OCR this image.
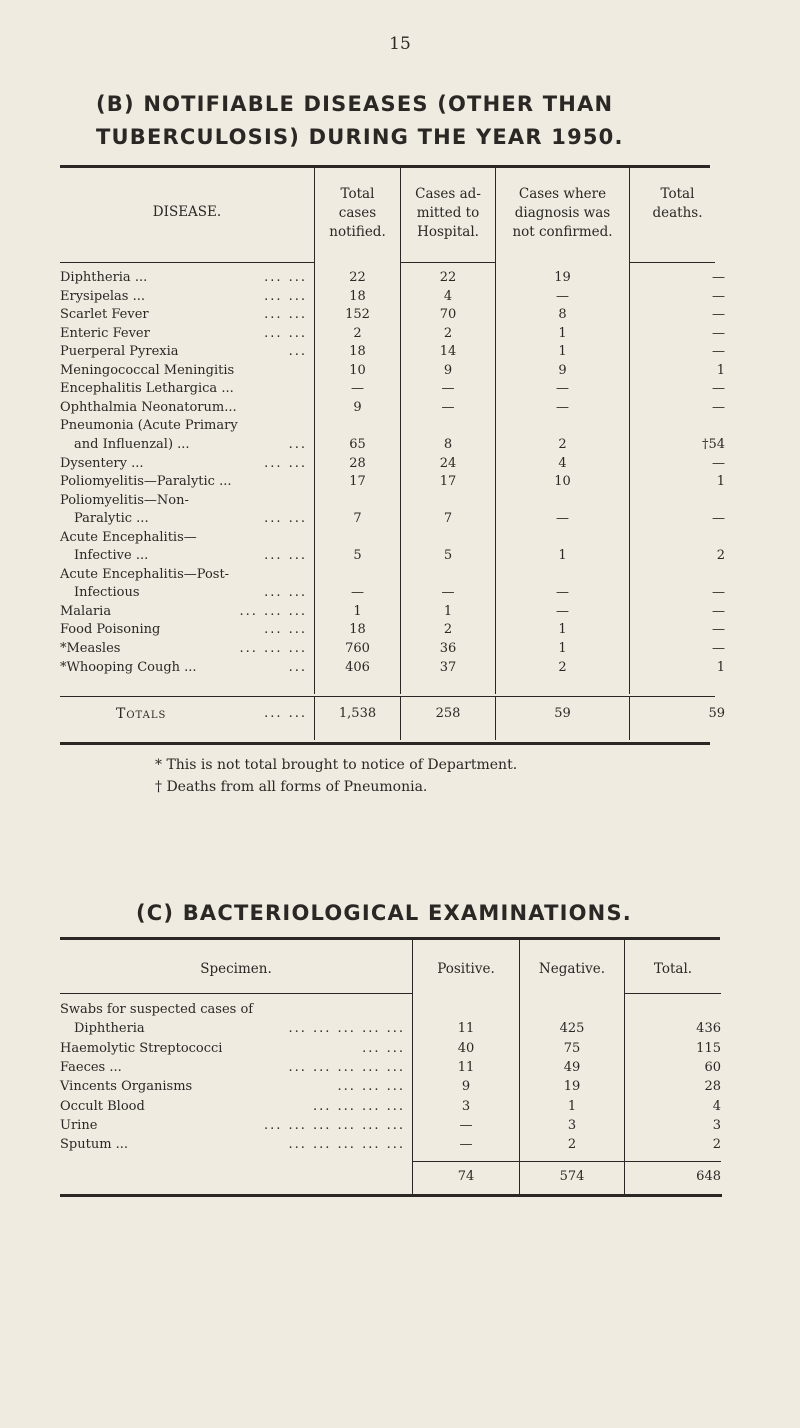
15
(B) NOTIFIABLE DISEASES (OTHER THAN
TUBERCULOSIS) DURING THE YEAR 1950.
DISEASE.
Total
cases
notified.
Cases ad-
mitted to
Hospital.
Cases where
diagnosis was
not confirmed.
Total
deaths.
Diphtheria ...	... ...	22	22	19	—
Erysipelas ...	... ...	18	4	—	—
Scarlet Fever	... ...	152	70	8	—
Enteric Fever	... ...	2	2	1	—
Puerperal Pyrexia	...	18	14	1	—
Meningococcal Meningitis	10	9	9	1
Encephalitis Lethargica ...	—	—	—	—
Ophthalmia Neonatorum...	9	—	—	—
Pneumonia (Acute Primary
and Influenzal) ...	...	65	8	2	†54
Dysentery ...	... ...	28	24	4	—
Poliomyelitis—Paralytic ...	17	17	10	1
Poliomyelitis—Non-
Paralytic ...	... ...	7	7	—	—
Acute Encephalitis—
Infective ...	... ...	5	5	1	2
Acute Encephalitis—Post-
Infectious	... ...	—	—	—	—
Malaria	... ... ...	1	1	—	—
Food Poisoning	... ...	18	2	1	—
*Measles	... ... ...	760	36	1	—
*Whooping Cough ...	...	406	37	2	1
Totals	... ...	1,538	258	59	59
* This is not total brought to notice of Department.
† Deaths from all forms of Pneumonia.
(C) BACTERIOLOGICAL EXAMINATIONS.
Specimen.	Positive.	Negative.	Total.
Swabs for suspected cases of
Diphtheria	... ... ... ... ...	11	425	436
Haemolytic Streptococci	... ...	40	75	115
Faeces ...	... ... ... ... ...	11	49	60
Vincents Organisms	... ... ...	9	19	28
Occult Blood	... ... ... ...	3	1	4
Urine	... ... ... ... ... ...	—	3	3
Sputum ...	... ... ... ... ...	—	2	2
74	574	648
